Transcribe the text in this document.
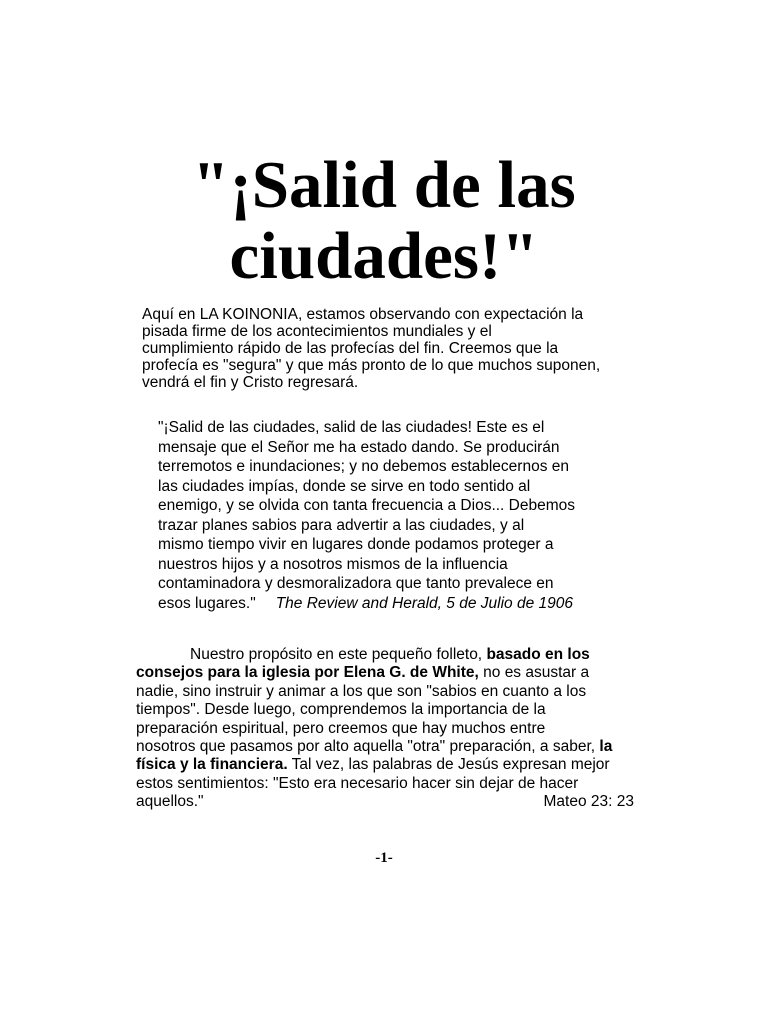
"¡Salid de las
ciudades!"

Aquí en LA KOINONIA, estamos observando con expectación la
pisada firme de los acontecimientos mundiales y el
cumplimiento rápido de las profecías del fin. Creemos que la
profecía es "segura" y que más pronto de lo que muchos suponen,
vendrá el fin y Cristo regresará.

"¡Salid de las ciudades, salid de las ciudades! Este es el
mensaje que el Señor me ha estado dando. Se producirán
terremotos e inundaciones; y no debemos establecernos en
las ciudades impías, donde se sirve en todo sentido al
enemigo, y se olvida con tanta frecuencia a Dios... Debemos
trazar planes sabios para advertir a las ciudades, y al
mismo tiempo vivir en lugares donde podamos proteger a
nuestros hijos y a nosotros mismos de la influencia
contaminadora y desmoralizadora que tanto prevalece en
esos lugares." The Review and Herald, 5 de Julio de 1906

Nuestro propósito en este pequeño folleto, basado en los
consejos para la iglesia por Elena G. de White, no es asustar a
nadie, sino instruir y animar a los que son "sabios en cuanto a los
tiempos". Desde luego, comprendemos la importancia de la
preparación espiritual, pero creemos que hay muchos entre
nosotros que pasamos por alto aquella "otra" preparación, a saber, la
física y la financiera. Tal vez, las palabras de Jesús expresan mejor
estos sentimientos: "Esto era necesario hacer sin dejar de hacer
aquellos."	Mateo 23: 23

-1-
